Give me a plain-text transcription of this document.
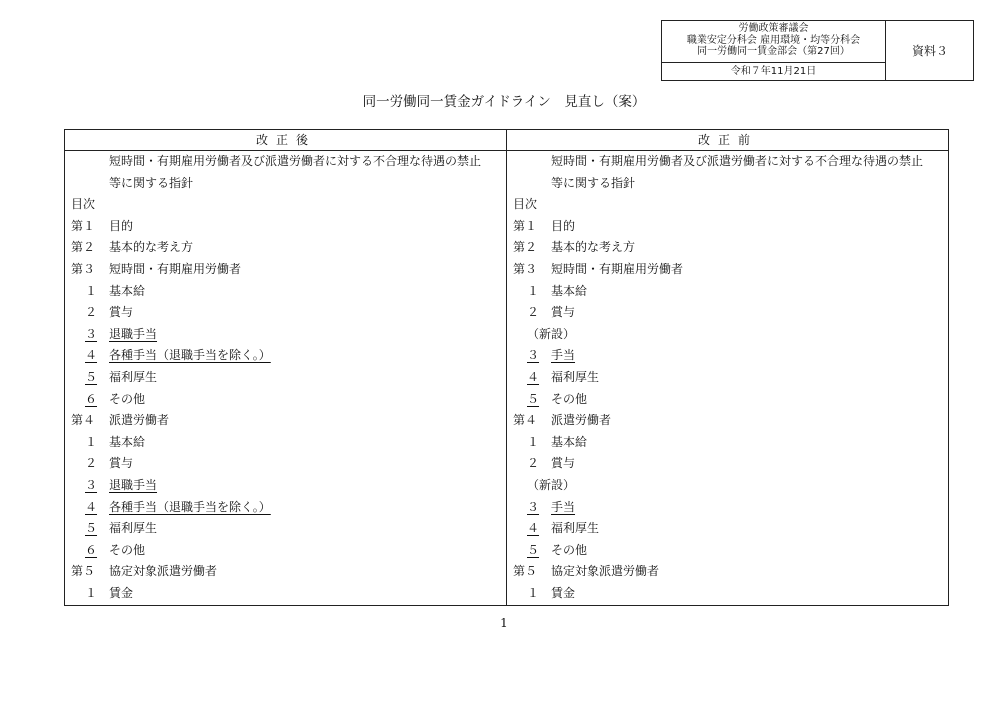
労働政策審議会
職業安定分科会 雇用環境・均等分科会
同一労働同一賃金部会（第27回）
令和７年11月21日
資料３
同一労働同一賃金ガイドライン　見直し（案）
改正後
短時間・有期雇用労働者及び派遣労働者に対する不合理な待遇の禁止
等に関する指針
目次
第１ 目的
第２ 基本的な考え方
第３ 短時間・有期雇用労働者
１ 基本給
２ 賞与
３ 退職手当
４ 各種手当（退職手当を除く。）
５ 福利厚生
６ その他
第４ 派遣労働者
１ 基本給
２ 賞与
３ 退職手当
４ 各種手当（退職手当を除く。）
５ 福利厚生
６ その他
第５ 協定対象派遣労働者
１ 賃金
改正前
短時間・有期雇用労働者及び派遣労働者に対する不合理な待遇の禁止
等に関する指針
目次
第１ 目的
第２ 基本的な考え方
第３ 短時間・有期雇用労働者
１ 基本給
２ 賞与
（新設）
３ 手当
４ 福利厚生
５ その他
第４ 派遣労働者
１ 基本給
２ 賞与
（新設）
３ 手当
４ 福利厚生
５ その他
第５ 協定対象派遣労働者
１ 賃金
1
